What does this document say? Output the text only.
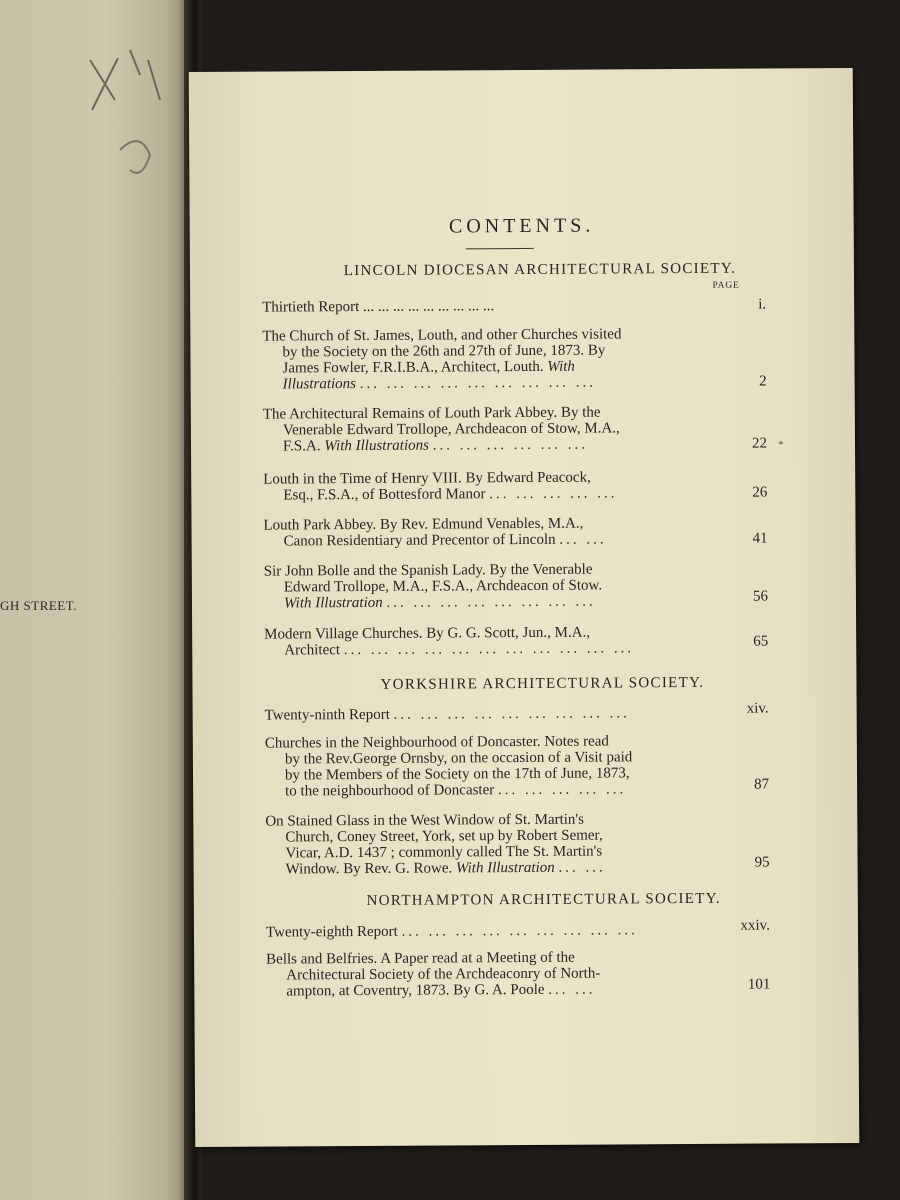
GH STREET.
CONTENTS.
LINCOLN DIOCESAN ARCHITECTURAL SOCIETY.
PAGE
Thirtieth Report ... ... ... ... ... ... ... ... ...	i.
The Church of St. James, Louth, and other Churches visited
by the Society on the 26th and 27th of June, 1873. By
James Fowler, F.R.I.B.A., Architect, Louth. With
Illustrations ... ... ... ... ... ... ... ... ...	2
The Architectural Remains of Louth Park Abbey. By the
Venerable Edward Trollope, Archdeacon of Stow, M.A.,
F.S.A. With Illustrations ... ... ... ... ... ...	22
Louth in the Time of Henry VIII. By Edward Peacock,
Esq., F.S.A., of Bottesford Manor ... ... ... ... ...	26
Louth Park Abbey. By Rev. Edmund Venables, M.A.,
Canon Residentiary and Precentor of Lincoln ... ...	41
Sir John Bolle and the Spanish Lady. By the Venerable
Edward Trollope, M.A., F.S.A., Archdeacon of Stow.
With Illustration ... ... ... ... ... ... ... ...	56
Modern Village Churches. By G. G. Scott, Jun., M.A.,
Architect ... ... ... ... ... ... ... ... ... ... ...	65
YORKSHIRE ARCHITECTURAL SOCIETY.
Twenty-ninth Report ... ... ... ... ... ... ... ... ...	xiv.
Churches in the Neighbourhood of Doncaster. Notes read
by the Rev.George Ornsby, on the occasion of a Visit paid
by the Members of the Society on the 17th of June, 1873,
to the neighbourhood of Doncaster ... ... ... ... ...	87
On Stained Glass in the West Window of St. Martin's
Church, Coney Street, York, set up by Robert Semer,
Vicar, A.D. 1437 ; commonly called The St. Martin's
Window. By Rev. G. Rowe. With Illustration ... ...	95
NORTHAMPTON ARCHITECTURAL SOCIETY.
Twenty-eighth Report ... ... ... ... ... ... ... ... ...	xxiv.
Bells and Belfries. A Paper read at a Meeting of the
Architectural Society of the Archdeaconry of North-
ampton, at Coventry, 1873. By G. A. Poole ... ...	101
